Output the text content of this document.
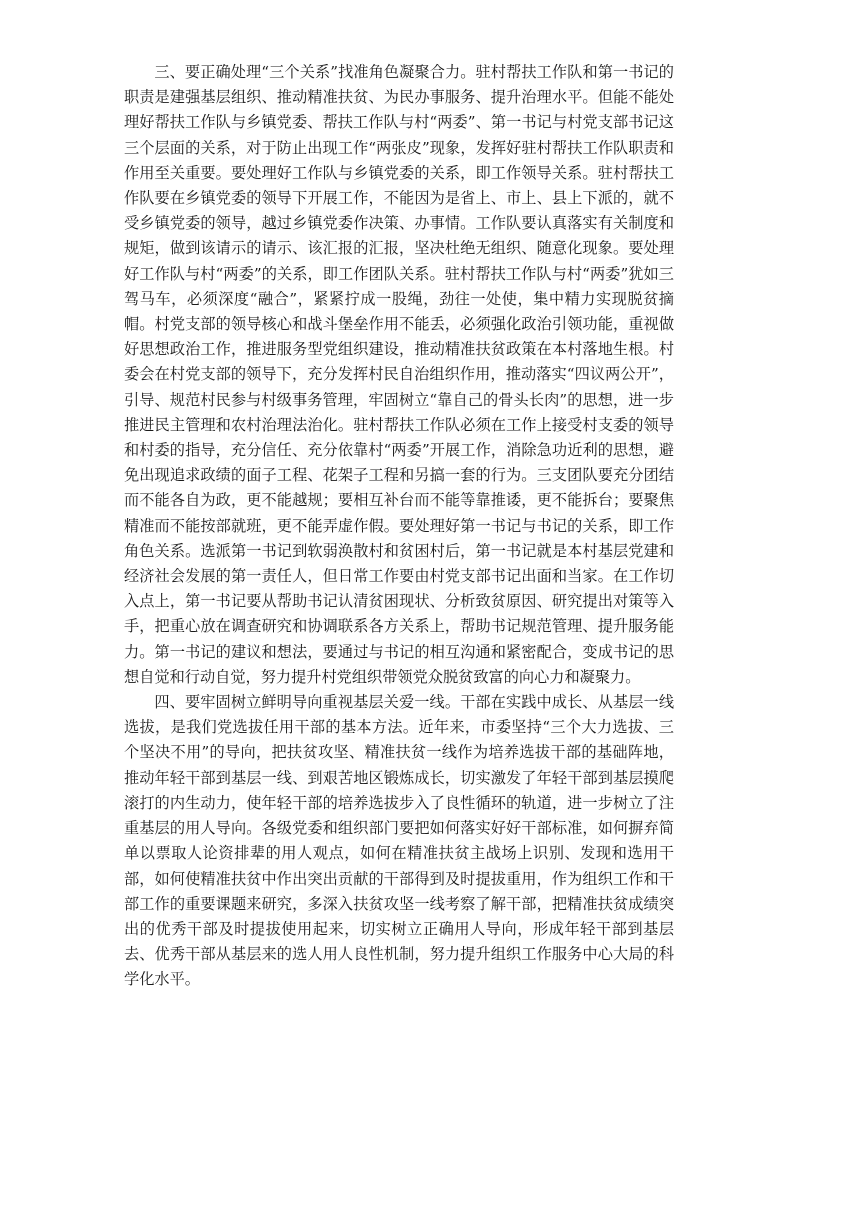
三、要正确处理“三个关系”找准角色凝聚合力。驻村帮扶工作队和第一书记的职责是建强基层组织、推动精准扶贫、为民办事服务、提升治理水平。但能不能处理好帮扶工作队与乡镇党委、帮扶工作队与村“两委”、第一书记与村党支部书记这三个层面的关系，对于防止出现工作“两张皮”现象，发挥好驻村帮扶工作队职责和作用至关重要。要处理好工作队与乡镇党委的关系，即工作领导关系。驻村帮扶工作队要在乡镇党委的领导下开展工作，不能因为是省上、市上、县上下派的，就不受乡镇党委的领导，越过乡镇党委作决策、办事情。工作队要认真落实有关制度和规矩，做到该请示的请示、该汇报的汇报，坚决杜绝无组织、随意化现象。要处理好工作队与村“两委”的关系，即工作团队关系。驻村帮扶工作队与村“两委”犹如三驾马车，必须深度“融合”，紧紧拧成一股绳，劲往一处使，集中精力实现脱贫摘帽。村党支部的领导核心和战斗堡垒作用不能丢，必须强化政治引领功能，重视做好思想政治工作，推进服务型党组织建设，推动精准扶贫政策在本村落地生根。村委会在村党支部的领导下，充分发挥村民自治组织作用，推动落实“四议两公开”，引导、规范村民参与村级事务管理，牢固树立“靠自己的骨头长肉”的思想，进一步推进民主管理和农村治理法治化。驻村帮扶工作队必须在工作上接受村支委的领导和村委的指导，充分信任、充分依靠村“两委”开展工作，消除急功近利的思想，避免出现追求政绩的面子工程、花架子工程和另搞一套的行为。三支团队要充分团结而不能各自为政，更不能越规；要相互补台而不能等靠推诿，更不能拆台；要聚焦精准而不能按部就班，更不能弄虚作假。要处理好第一书记与书记的关系，即工作角色关系。选派第一书记到软弱涣散村和贫困村后，第一书记就是本村基层党建和经济社会发展的第一责任人，但日常工作要由村党支部书记出面和当家。在工作切入点上，第一书记要从帮助书记认清贫困现状、分析致贫原因、研究提出对策等入手，把重心放在调查研究和协调联系各方关系上，帮助书记规范管理、提升服务能力。第一书记的建议和想法，要通过与书记的相互沟通和紧密配合，变成书记的思想自觉和行动自觉，努力提升村党组织带领党众脱贫致富的向心力和凝聚力。

四、要牢固树立鲜明导向重视基层关爱一线。干部在实践中成长、从基层一线选拔，是我们党选拔任用干部的基本方法。近年来，市委坚持“三个大力选拔、三个坚决不用”的导向，把扶贫攻坚、精准扶贫一线作为培养选拔干部的基础阵地，推动年轻干部到基层一线、到艰苦地区锻炼成长，切实激发了年轻干部到基层摸爬滚打的内生动力，使年轻干部的培养选拔步入了良性循环的轨道，进一步树立了注重基层的用人导向。各级党委和组织部门要把如何落实好好干部标准，如何摒弃简单以票取人论资排辈的用人观点，如何在精准扶贫主战场上识别、发现和选用干部，如何使精准扶贫中作出突出贡献的干部得到及时提拔重用，作为组织工作和干部工作的重要课题来研究，多深入扶贫攻坚一线考察了解干部，把精准扶贫成绩突出的优秀干部及时提拔使用起来，切实树立正确用人导向，形成年轻干部到基层去、优秀干部从基层来的选人用人良性机制，努力提升组织工作服务中心大局的科学化水平。
